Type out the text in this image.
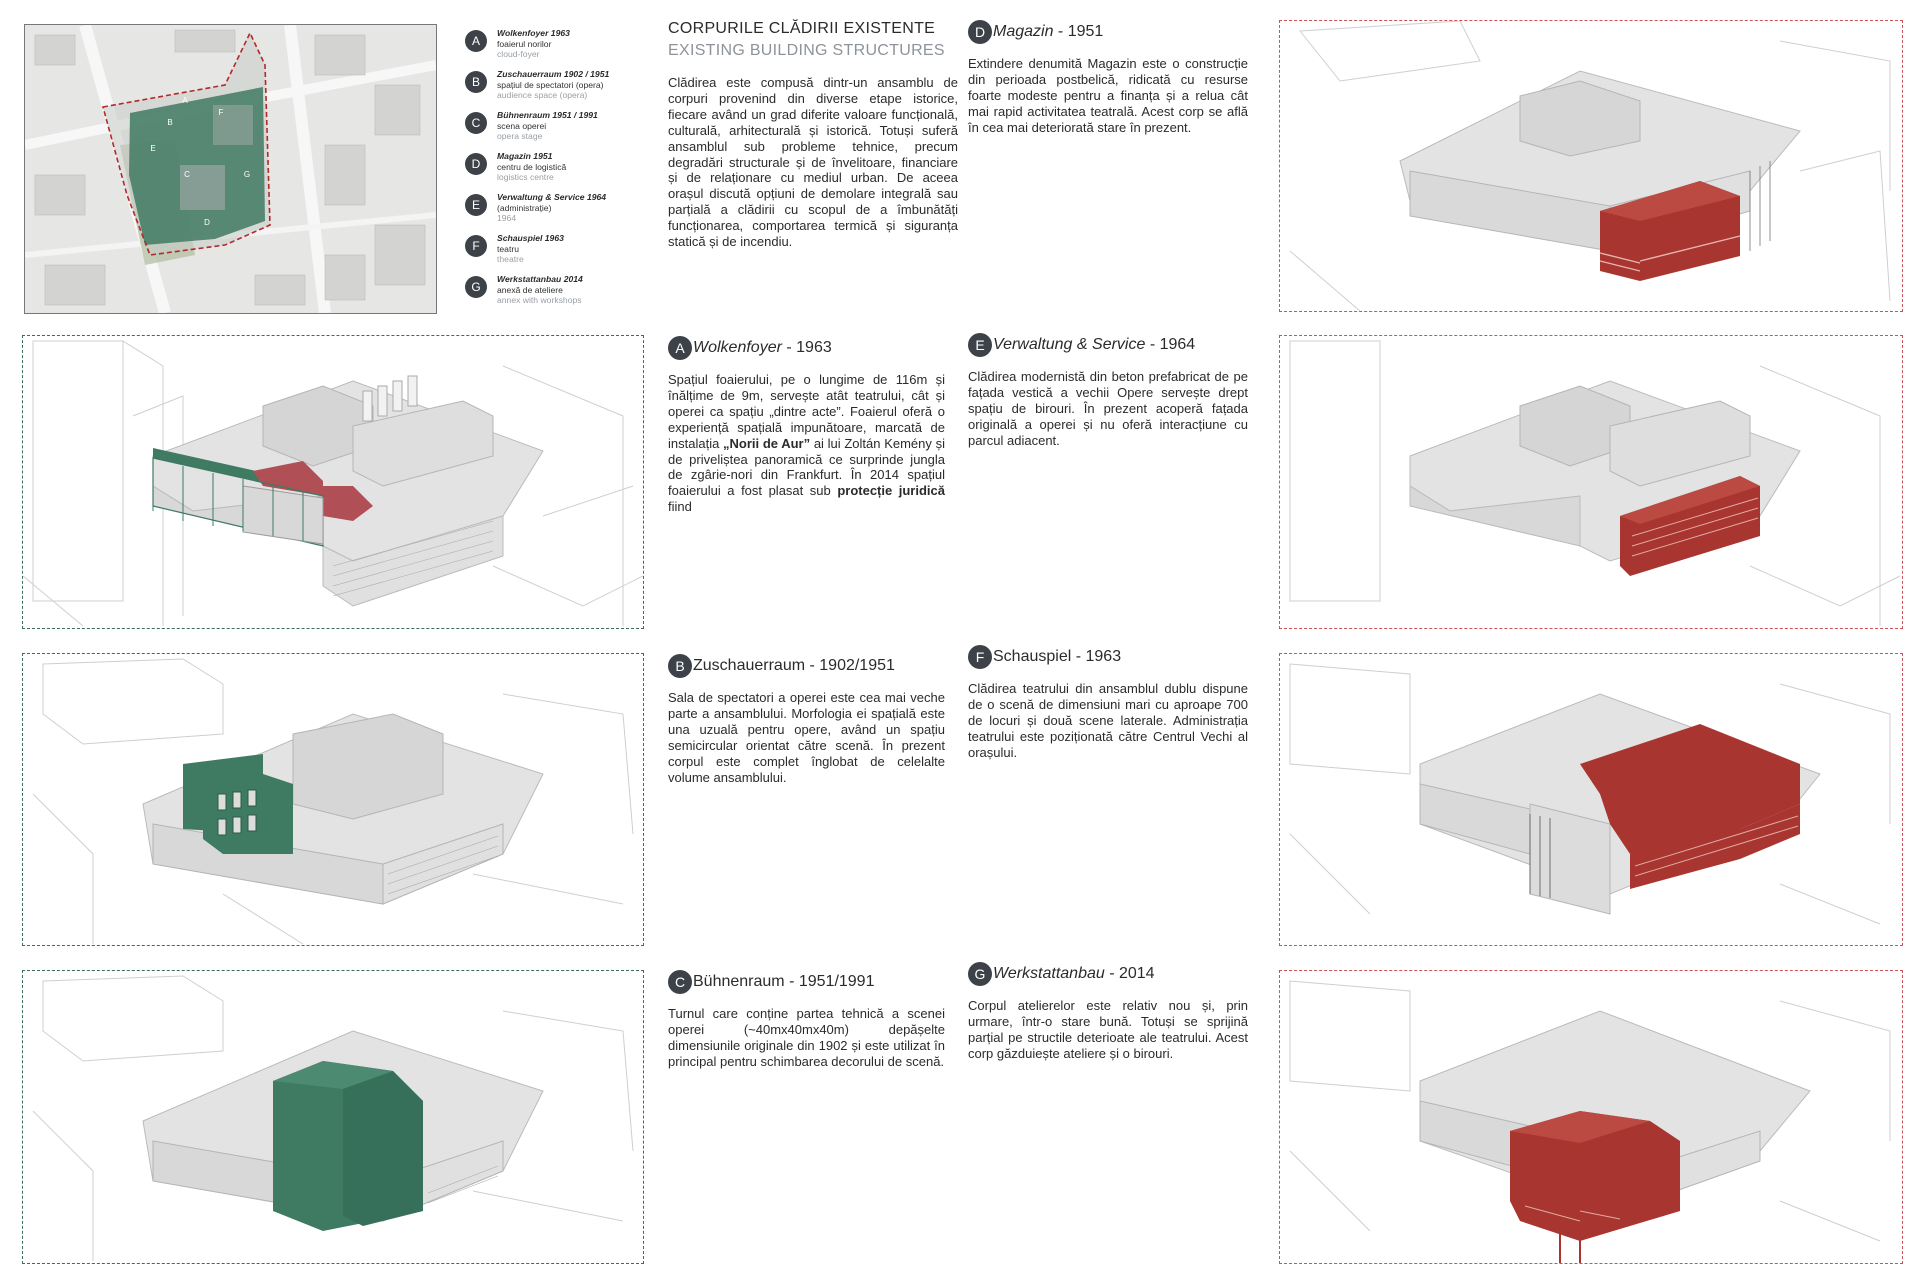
A
B
C
D
E
F
G
A
Wolkenfoyer 1963
foaierul norilor
cloud-foyer
B
Zuschauerraum 1902 / 1951
spațiul de spectatori (opera)
audience space (opera)
C
Bühnenraum 1951 / 1991
scena operei
opera stage
D
Magazin 1951
centru de logistică
logistics centre
E
Verwaltung & Service 1964
(administrație)
1964
F
Schauspiel 1963
teatru
theatre
G
Werkstattanbau 2014
anexă de ateliere
annex with workshops
CORPURILE CLĂDIRII EXISTENTE
EXISTING BUILDING STRUCTURES
Clădirea este compusă dintr-un ansamblu de corpuri provenind din diverse etape istorice, fiecare având un grad diferite valoare funcțională, culturală, arhitecturală și istorică. Totuși suferă ansamblul sub probleme tehnice, precum degradări structurale și de învelitoare, financiare și de relaționare cu mediul urban. De aceea orașul discută opțiuni de demolare integrală sau parțială a clădirii cu scopul de a îmbunătăți funcționarea, comportarea termică și siguranța statică și de incendiu.
A Wolkenfoyer - 1963
Spațiul foaierului, pe o lungime de 116m și înălțime de 9m, servește atât teatrului, cât și operei ca spațiu „dintre acte”. Foaierul oferă o experiență spațială impunătoare, marcată de instalația „Norii de Aur” ai lui Zoltán Kemény și de priveliștea panoramică ce surprinde jungla de zgârie-nori din Frankfurt. În 2014 spațiul foaierului a fost plasat sub protecție juridică fiind
B Zuschauerraum - 1902/1951
Sala de spectatori a operei este cea mai veche parte a ansamblului. Morfologia ei spațială este una uzuală pentru opere, având un spațiu semicircular orientat către scenă. În prezent corpul este complet înglobat de celelalte volume ansamblului.
C Bühnenraum - 1951/1991
Turnul care conține partea tehnică a scenei operei (~40mx40mx40m) depășelte dimensiunile originale din 1902 și este utilizat în principal pentru schimbarea decorului de scenă.
D Magazin - 1951
Extindere denumită Magazin este o construcție din perioada postbelică, ridicată cu resurse foarte modeste pentru a finanța și a relua cât mai rapid activitatea teatrală. Acest corp se află în cea mai deteriorată stare în prezent.
E Verwaltung & Service - 1964
Clădirea modernistă din beton prefabricat de pe fațada vestică a vechii Opere servește drept spațiu de birouri. În prezent acoperă fațada originală a operei și nu oferă interacțiune cu parcul adiacent.
F Schauspiel - 1963
Clădirea teatrului din ansamblul dublu dispune de o scenă de dimensiuni mari cu aproape 700 de locuri și două scene laterale. Administrația teatrului este poziționată către Centrul Vechi al orașului.
G Werkstattanbau - 2014
Corpul atelierelor este relativ nou și, prin urmare, într-o stare bună. Totuși se sprijină parțial pe structile deterioate ale teatrului. Acest corp găzduiește ateliere și o birouri.
